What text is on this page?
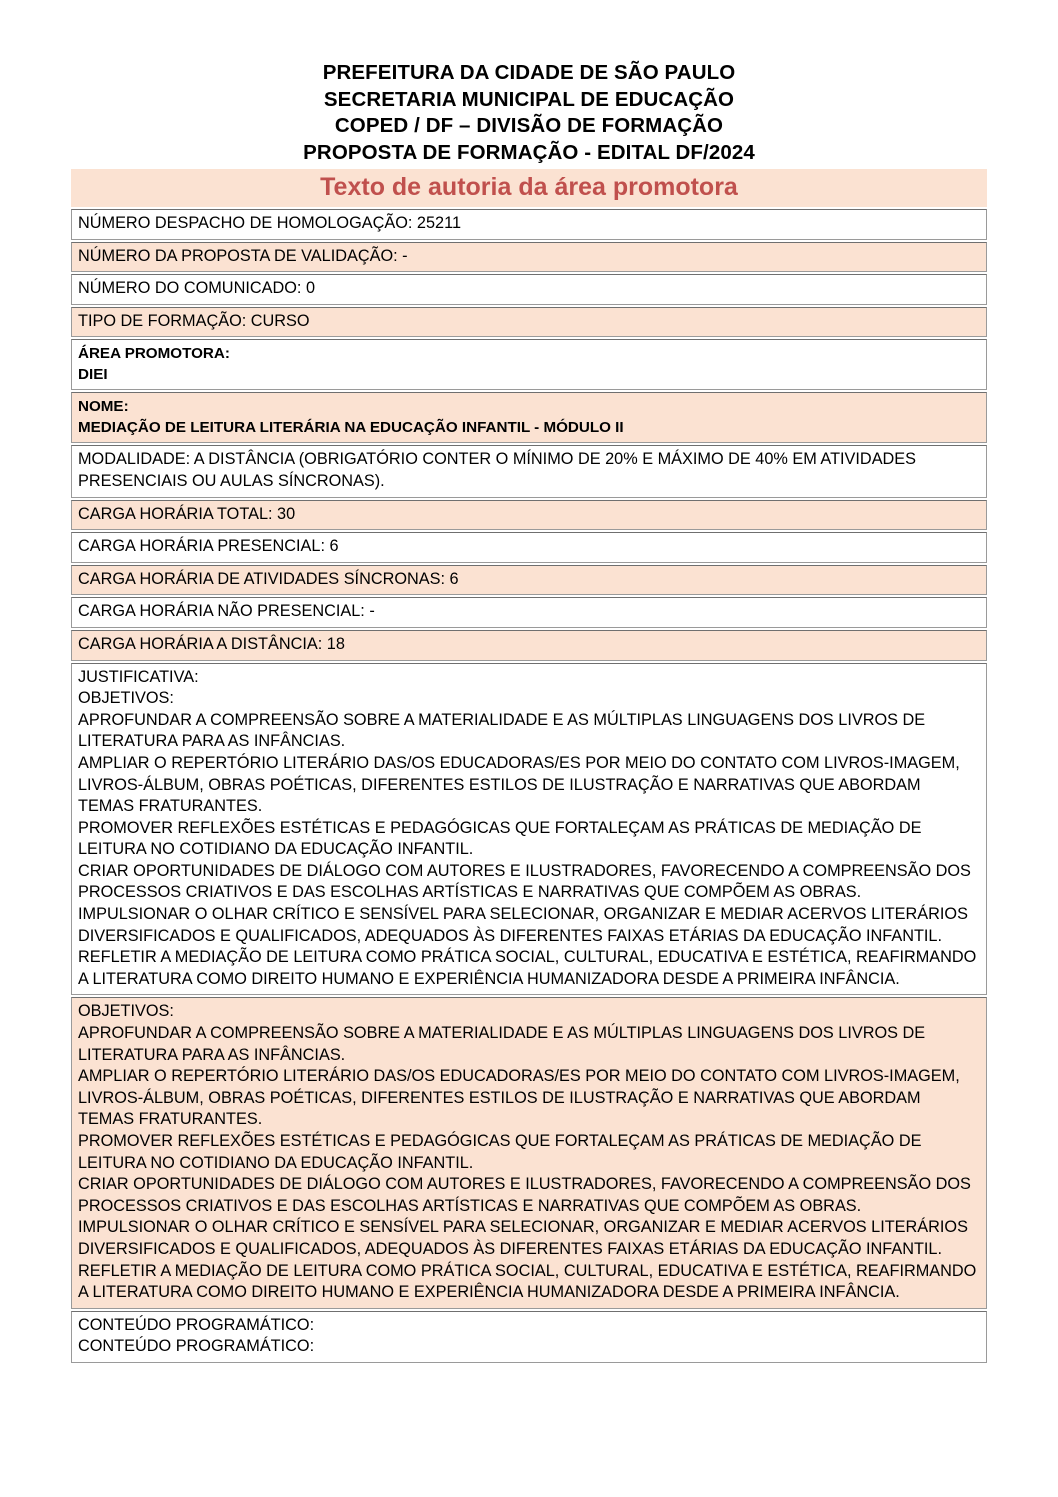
PREFEITURA DA CIDADE DE SÃO PAULO
SECRETARIA MUNICIPAL DE EDUCAÇÃO
COPED / DF – DIVISÃO DE FORMAÇÃO
PROPOSTA DE FORMAÇÃO - EDITAL DF/2024
Texto de autoria da área promotora
NÚMERO DESPACHO DE HOMOLOGAÇÃO: 25211

NÚMERO DA PROPOSTA DE VALIDAÇÃO: -

NÚMERO DO COMUNICADO: 0

TIPO DE FORMAÇÃO: CURSO

ÁREA PROMOTORA:
DIEI

NOME:
MEDIAÇÃO DE LEITURA LITERÁRIA NA EDUCAÇÃO INFANTIL - MÓDULO II

MODALIDADE: A DISTÂNCIA (OBRIGATÓRIO CONTER O MÍNIMO DE 20% E MÁXIMO DE 40% EM ATIVIDADES PRESENCIAIS OU AULAS SÍNCRONAS).

CARGA HORÁRIA TOTAL: 30

CARGA HORÁRIA PRESENCIAL: 6

CARGA HORÁRIA DE ATIVIDADES SÍNCRONAS: 6

CARGA HORÁRIA NÃO PRESENCIAL: -

CARGA HORÁRIA A DISTÂNCIA: 18

JUSTIFICATIVA:
OBJETIVOS:
APROFUNDAR A COMPREENSÃO SOBRE A MATERIALIDADE E AS MÚLTIPLAS LINGUAGENS DOS LIVROS DE LITERATURA PARA AS INFÂNCIAS.
AMPLIAR O REPERTÓRIO LITERÁRIO DAS/OS EDUCADORAS/ES POR MEIO DO CONTATO COM LIVROS-IMAGEM, LIVROS-ÁLBUM, OBRAS POÉTICAS, DIFERENTES ESTILOS DE ILUSTRAÇÃO E NARRATIVAS QUE ABORDAM TEMAS FRATURANTES.
PROMOVER REFLEXÕES ESTÉTICAS E PEDAGÓGICAS QUE FORTALEÇAM AS PRÁTICAS DE MEDIAÇÃO DE LEITURA NO COTIDIANO DA EDUCAÇÃO INFANTIL.
CRIAR OPORTUNIDADES DE DIÁLOGO COM AUTORES E ILUSTRADORES, FAVORECENDO A COMPREENSÃO DOS PROCESSOS CRIATIVOS E DAS ESCOLHAS ARTÍSTICAS E NARRATIVAS QUE COMPÕEM AS OBRAS.
IMPULSIONAR O OLHAR CRÍTICO E SENSÍVEL PARA SELECIONAR, ORGANIZAR E MEDIAR ACERVOS LITERÁRIOS DIVERSIFICADOS E QUALIFICADOS, ADEQUADOS ÀS DIFERENTES FAIXAS ETÁRIAS DA EDUCAÇÃO INFANTIL.
REFLETIR A MEDIAÇÃO DE LEITURA COMO PRÁTICA SOCIAL, CULTURAL, EDUCATIVA E ESTÉTICA, REAFIRMANDO A LITERATURA COMO DIREITO HUMANO E EXPERIÊNCIA HUMANIZADORA DESDE A PRIMEIRA INFÂNCIA.

OBJETIVOS:
APROFUNDAR A COMPREENSÃO SOBRE A MATERIALIDADE E AS MÚLTIPLAS LINGUAGENS DOS LIVROS DE LITERATURA PARA AS INFÂNCIAS.
AMPLIAR O REPERTÓRIO LITERÁRIO DAS/OS EDUCADORAS/ES POR MEIO DO CONTATO COM LIVROS-IMAGEM, LIVROS-ÁLBUM, OBRAS POÉTICAS, DIFERENTES ESTILOS DE ILUSTRAÇÃO E NARRATIVAS QUE ABORDAM TEMAS FRATURANTES.
PROMOVER REFLEXÕES ESTÉTICAS E PEDAGÓGICAS QUE FORTALEÇAM AS PRÁTICAS DE MEDIAÇÃO DE LEITURA NO COTIDIANO DA EDUCAÇÃO INFANTIL.
CRIAR OPORTUNIDADES DE DIÁLOGO COM AUTORES E ILUSTRADORES, FAVORECENDO A COMPREENSÃO DOS PROCESSOS CRIATIVOS E DAS ESCOLHAS ARTÍSTICAS E NARRATIVAS QUE COMPÕEM AS OBRAS.
IMPULSIONAR O OLHAR CRÍTICO E SENSÍVEL PARA SELECIONAR, ORGANIZAR E MEDIAR ACERVOS LITERÁRIOS DIVERSIFICADOS E QUALIFICADOS, ADEQUADOS ÀS DIFERENTES FAIXAS ETÁRIAS DA EDUCAÇÃO INFANTIL.
REFLETIR A MEDIAÇÃO DE LEITURA COMO PRÁTICA SOCIAL, CULTURAL, EDUCATIVA E ESTÉTICA, REAFIRMANDO A LITERATURA COMO DIREITO HUMANO E EXPERIÊNCIA HUMANIZADORA DESDE A PRIMEIRA INFÂNCIA.

CONTEÚDO PROGRAMÁTICO:
CONTEÚDO PROGRAMÁTICO:
